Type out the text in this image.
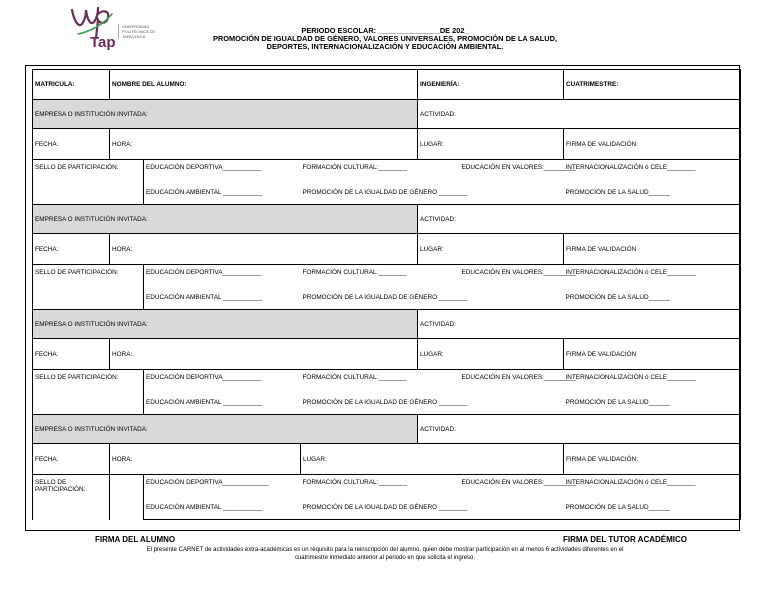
Tap
UNIVERSIDAD POLITÉCNICA DE TAPACHULA
PERIODO ESCOLAR: _______________DE 202_
PROMOCIÓN DE IGUALDAD DE GÉNERO, VALORES UNIVERSALES, PROMOCIÓN DE LA SALUD,
DEPORTES, INTERNACIONALIZACIÓN Y EDUCACIÓN AMBIENTAL.
MATRICULA:	NOMBRE DEL ALUMNO:			INGENIERÍA:		CUATRIMESTRE:
EMPRESA O INSTITUCIÓN INVITADA:				ACTIVIDAD:		
FECHA:	HORA:			LUGAR:		FIRMA DE VALIDACIÓN:
SELLO DE PARTICIPACIÓN:		EDUCACIÓN DEPORTIVA___________	FORMACIÓN CULTURAL:________		EDUCACIÓN EN VALORES:_________	INTERNACIONALIZACIÓN ó CELE________
		EDUCACIÓN AMBIENTAL ___________	PROMOCIÓN DE LA IGUALDAD DE GÉNERO ________			PROMOCIÓN DE LA SALUD______
EMPRESA O INSTITUCIÓN INVITADA:				ACTIVIDAD:		
FECHA:	HORA:			LUGAR:		FIRMA DE VALIDACIÓN
SELLO DE PARTICIPACIÓN:		EDUCACIÓN DEPORTIVA___________	FORMACIÓN CULTURAL:________		EDUCACIÓN EN VALORES:_________	INTERNACIONALIZACIÓN ó CELE________
		EDUCACIÓN AMBIENTAL ___________	PROMOCIÓN DE LA IGUALDAD DE GÉNERO ________			PROMOCIÓN DE LA SALUD______
EMPRESA O INSTITUCIÓN INVITADA:				ACTIVIDAD:		
FECHA:	HORA:			LUGAR:		FIRMA DE VALIDACIÓN
SELLO DE PARTICIPACIÓN:		EDUCACIÓN DEPORTIVA___________	FORMACIÓN CULTURAL:________		EDUCACIÓN EN VALORES:_________	INTERNACIONALIZACIÓN ó CELE________
		EDUCACIÓN AMBIENTAL ___________	PROMOCIÓN DE LA IGUALDAD DE GÉNERO ________			PROMOCIÓN DE LA SALUD______
EMPRESA O INSTITUCIÓN INVITADA:				ACTIVIDAD:		
FECHA:	HORA:		LUGAR:			FIRMA DE VALIDACIÓN:

SELLO DE
PARTICIPACIÓN:		EDUCACIÓN DEPORTIVA_____________	FORMACIÓN CULTURAL:________		EDUCACIÓN EN VALORES:_________	INTERNACIONALIZACIÓN ó CELE________
		EDUCACIÓN AMBIENTAL ___________	PROMOCIÓN DE LA IGUALDAD DE GÉNERO ________			PROMOCIÓN DE LA SALUD______
FIRMA DEL ALUMNO	FIRMA DEL TUTOR ACADÉMICO
El presente CARNET de actividades extra-académicas es un requisito para la reinscripción del alumno, quien debe mostrar participación en al menos 6 actividades diferentes en el
cuatrimestre inmediato anterior al periodo en que solicita el ingreso.
